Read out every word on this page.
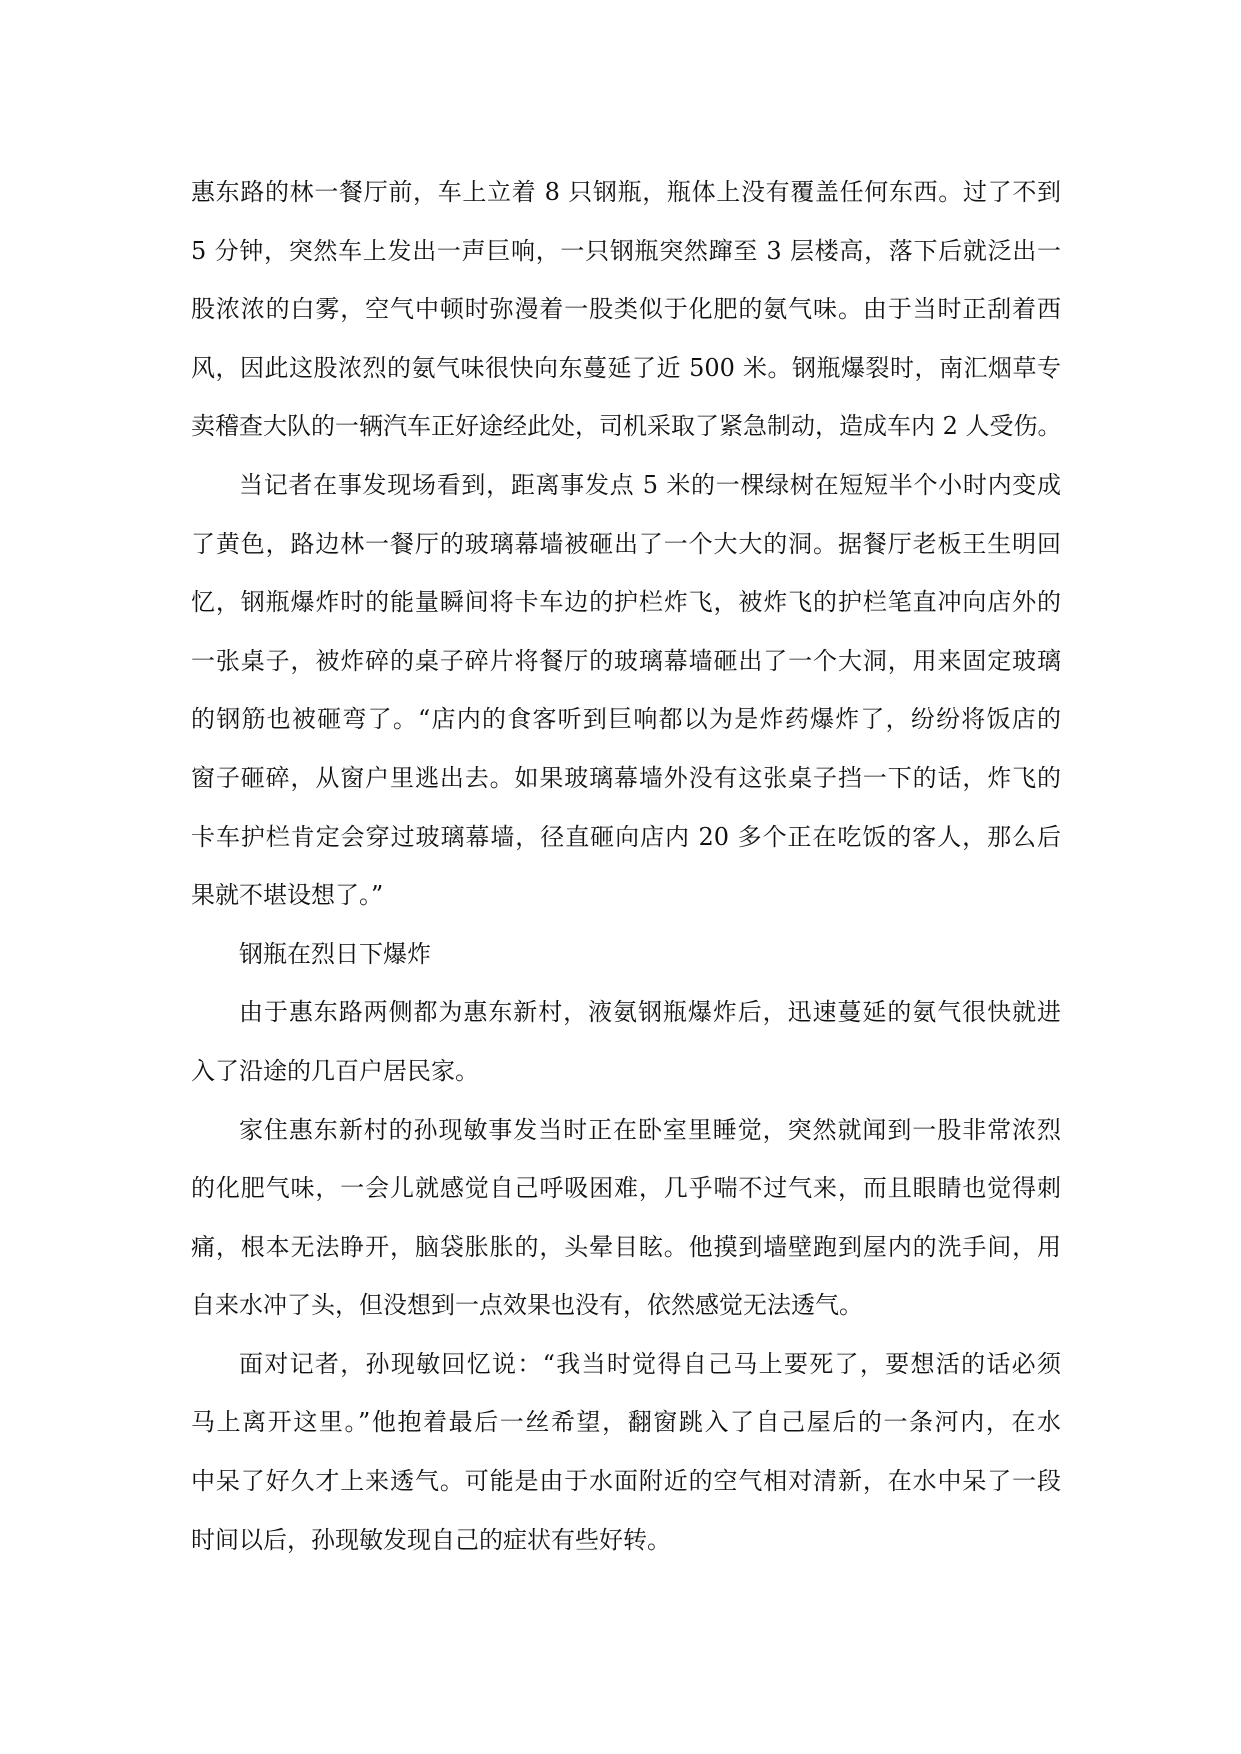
惠东路的林一餐厅前，车上立着 8 只钢瓶，瓶体上没有覆盖任何东西。过了不到
5 分钟，突然车上发出一声巨响，一只钢瓶突然蹿至 3 层楼高，落下后就泛出一
股浓浓的白雾，空气中顿时弥漫着一股类似于化肥的氨气味。由于当时正刮着西
风，因此这股浓烈的氨气味很快向东蔓延了近 500 米。钢瓶爆裂时，南汇烟草专
卖稽查大队的一辆汽车正好途经此处，司机采取了紧急制动，造成车内 2 人受伤。
当记者在事发现场看到，距离事发点 5 米的一棵绿树在短短半个小时内变成
了黄色，路边林一餐厅的玻璃幕墙被砸出了一个大大的洞。据餐厅老板王生明回
忆，钢瓶爆炸时的能量瞬间将卡车边的护栏炸飞，被炸飞的护栏笔直冲向店外的
一张桌子，被炸碎的桌子碎片将餐厅的玻璃幕墙砸出了一个大洞，用来固定玻璃
的钢筋也被砸弯了。“店内的食客听到巨响都以为是炸药爆炸了，纷纷将饭店的
窗子砸碎，从窗户里逃出去。如果玻璃幕墙外没有这张桌子挡一下的话，炸飞的
卡车护栏肯定会穿过玻璃幕墙，径直砸向店内 20 多个正在吃饭的客人，那么后
果就不堪设想了。”
钢瓶在烈日下爆炸
由于惠东路两侧都为惠东新村，液氨钢瓶爆炸后，迅速蔓延的氨气很快就进
入了沿途的几百户居民家。
家住惠东新村的孙现敏事发当时正在卧室里睡觉，突然就闻到一股非常浓烈
的化肥气味，一会儿就感觉自己呼吸困难，几乎喘不过气来，而且眼睛也觉得刺
痛，根本无法睁开，脑袋胀胀的，头晕目眩。他摸到墙壁跑到屋内的洗手间，用
自来水冲了头，但没想到一点效果也没有，依然感觉无法透气。
面对记者，孙现敏回忆说：“我当时觉得自己马上要死了，要想活的话必须
马上离开这里。”他抱着最后一丝希望，翻窗跳入了自己屋后的一条河内，在水
中呆了好久才上来透气。可能是由于水面附近的空气相对清新，在水中呆了一段
时间以后，孙现敏发现自己的症状有些好转。
